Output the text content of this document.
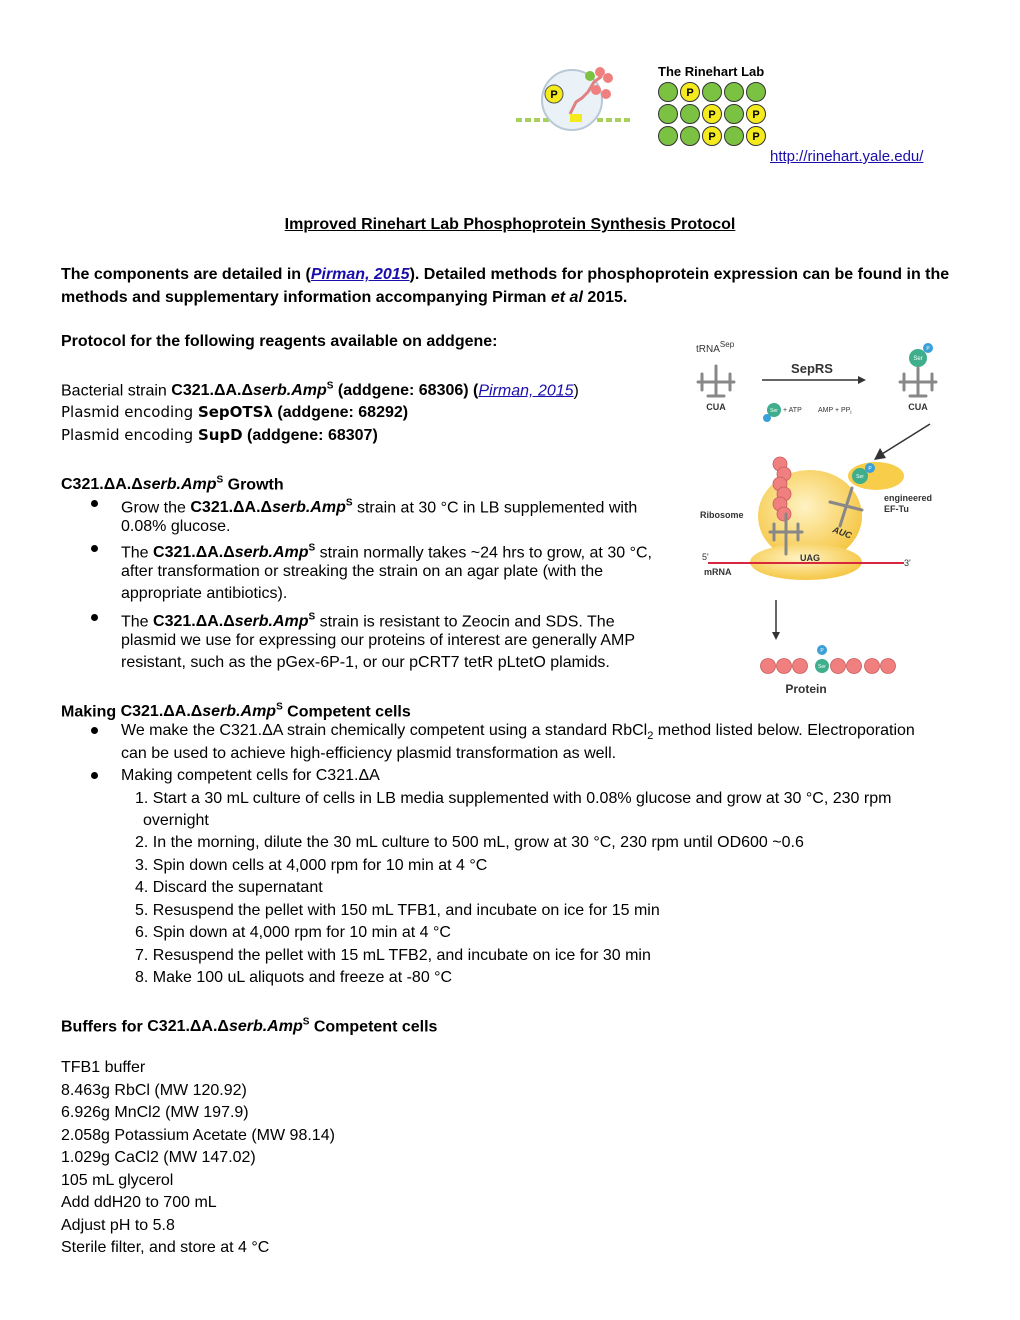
P
The Rinehart Lab
P
P	P
P	P
http://rinehart.yale.edu/
Improved Rinehart Lab Phosphoprotein Synthesis Protocol
The components are detailed in (Pirman, 2015). Detailed methods for phosphoprotein expression can be found in the
methods and supplementary information accompanying Pirman et al 2015.
Protocol for the following reagents available on addgene:
Bacterial strain C321.ΔA.Δserb.Amp$^S$ (addgene: 68306) (Pirman, 2015)
Plasmid encoding SepOTSλ (addgene: 68292)
Plasmid encoding SupD (addgene: 68307)
C321.ΔA.Δserb.Amp$^S$ Growth
Grow the C321.ΔA.Δserb.Amp$^S$ strain at 30 °C in LB supplemented with
0.08% glucose.
The C321.ΔA.Δserb.Amp$^S$ strain normally takes ~24 hrs to grow, at 30 °C,
after transformation or streaking the strain on an agar plate (with the
appropriate antibiotics).
The C321.ΔA.Δserb.Amp$^S$ strain is resistant to Zeocin and SDS. The
plasmid we use for expressing our proteins of interest are generally AMP
resistant, such as the pGex-6P-1, or our pCRT7 tetR pLtetO plamids.
Making C321.ΔA.Δserb.Amp$^S$ Competent cells
We make the C321.ΔA strain chemically competent using a standard RbCl$_2$ method listed below. Electroporation
can be used to achieve high-efficiency plasmid transformation as well.
Making competent cells for C321.ΔA
1. Start a 30 mL culture of cells in LB media supplemented with 0.08% glucose and grow at 30 °C, 230 rpm
overnight
2. In the morning, dilute the 30 mL culture to 500 mL, grow at 30 °C, 230 rpm until OD600 ~0.6
3. Spin down cells at 4,000 rpm for 10 min at 4 °C
4. Discard the supernatant
5. Resuspend the pellet with 150 mL TFB1, and incubate on ice for 15 min
6. Spin down at 4,000 rpm for 10 min at 4 °C
7. Resuspend the pellet with 15 mL TFB2, and incubate on ice for 30 min
8. Make 100 uL aliquots and freeze at -80 °C
Buffers for C321.ΔA.Δserb.Amp$^S$ Competent cells
TFB1 buffer
8.463g RbCl (MW 120.92)
6.926g MnCl2 (MW 197.9)
2.058g Potassium Acetate (MW 98.14)
1.029g CaCl2 (MW 147.02)
105 mL glycerol
Add ddH20 to 700 mL
Adjust pH to 5.8
Sterile filter, and store at 4 °C
tRNA$^{Sep}$
CUA
SepRS
Ser + ATP AMP + $PP_i$
Ser
P
CUA
engineered
EF-Tu
Ribosome
Ser
P
AUC
5'
3'
mRNA
UAG
Ser
P
Protein
